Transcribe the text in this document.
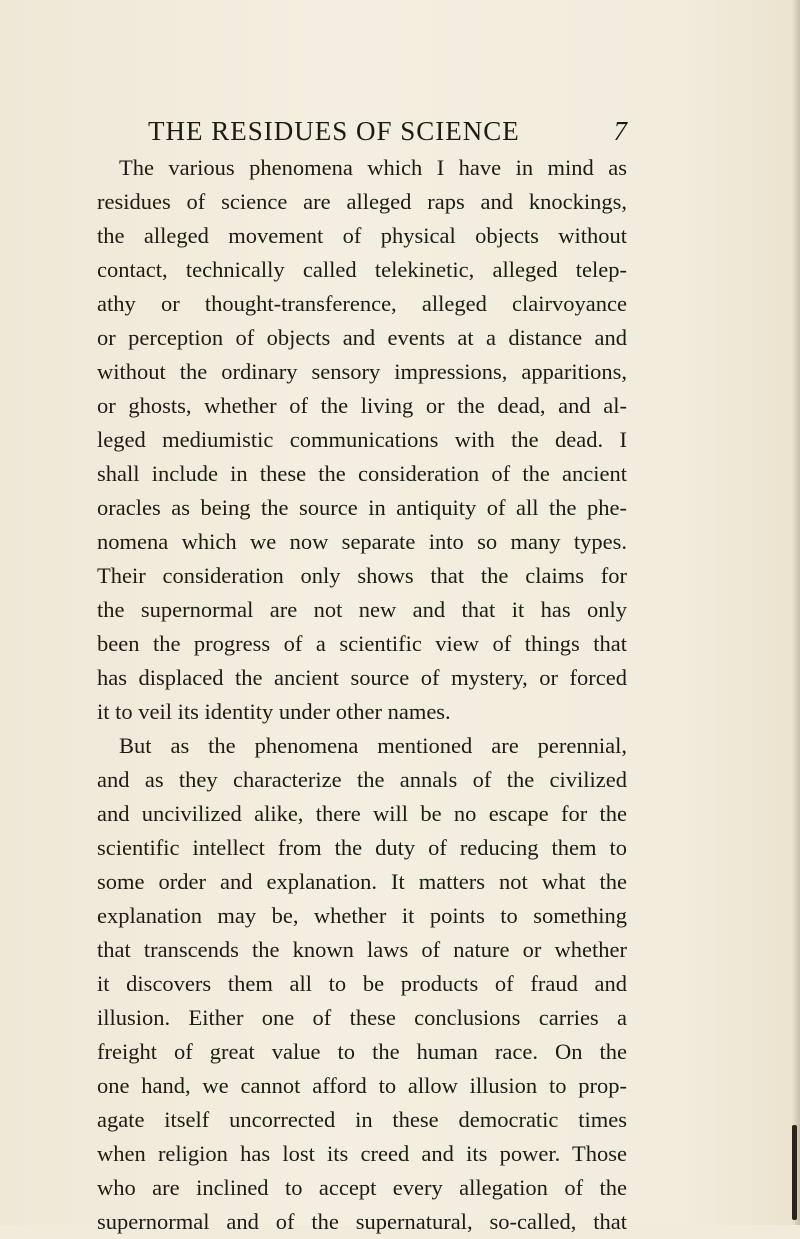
THE RESIDUES OF SCIENCE	7
The various phenomena which I have in mind as
residues of science are alleged raps and knockings,
the alleged movement of physical objects without
contact, technically called telekinetic, alleged telep-
athy or thought-transference, alleged clairvoyance
or perception of objects and events at a distance and
without the ordinary sensory impressions, apparitions,
or ghosts, whether of the living or the dead, and al-
leged mediumistic communications with the dead. I
shall include in these the consideration of the ancient
oracles as being the source in antiquity of all the phe-
nomena which we now separate into so many types.
Their consideration only shows that the claims for
the supernormal are not new and that it has only
been the progress of a scientific view of things that
has displaced the ancient source of mystery, or forced
it to veil its identity under other names.
But as the phenomena mentioned are perennial,
and as they characterize the annals of the civilized
and uncivilized alike, there will be no escape for the
scientific intellect from the duty of reducing them to
some order and explanation. It matters not what the
explanation may be, whether it points to something
that transcends the known laws of nature or whether
it discovers them all to be products of fraud and
illusion. Either one of these conclusions carries a
freight of great value to the human race. On the
one hand, we cannot afford to allow illusion to prop-
agate itself uncorrected in these democratic times
when religion has lost its creed and its power. Those
who are inclined to accept every allegation of the
supernormal and of the supernatural, so-called, that
